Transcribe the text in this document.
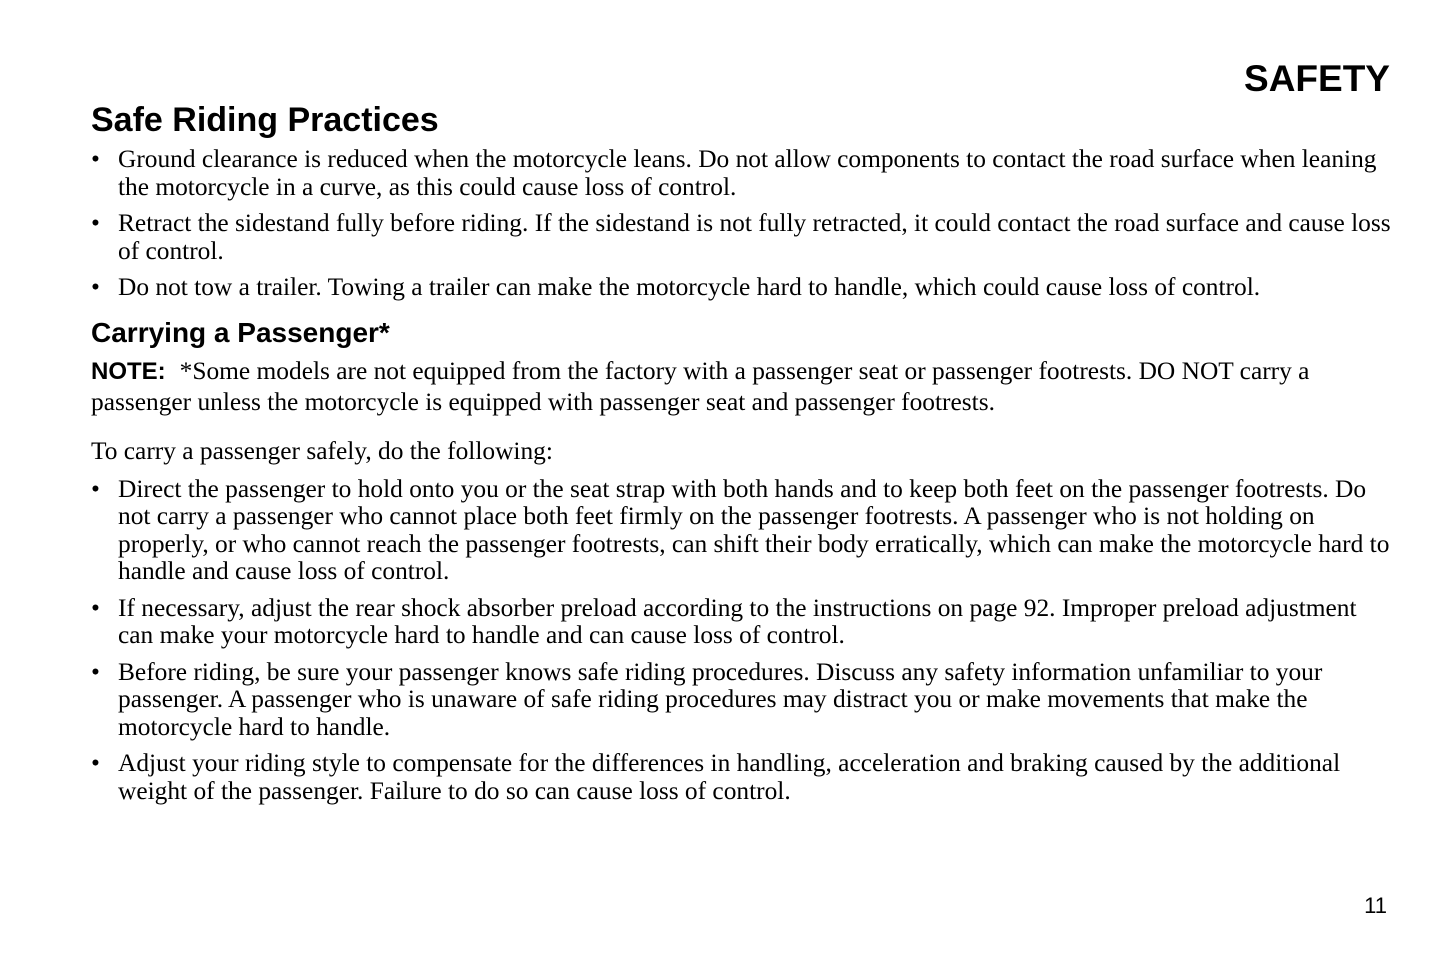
SAFETY
Safe Riding Practices
• Ground clearance is reduced when the motorcycle leans. Do not allow components to contact the road surface when leaning the motorcycle in a curve, as this could cause loss of control.
• Retract the sidestand fully before riding. If the sidestand is not fully retracted, it could contact the road surface and cause loss of control.
• Do not tow a trailer. Towing a trailer can make the motorcycle hard to handle, which could cause loss of control.
Carrying a Passenger*

NOTE: *Some models are not equipped from the factory with a passenger seat or passenger footrests. DO NOT carry a passenger unless the motorcycle is equipped with passenger seat and passenger footrests.

To carry a passenger safely, do the following:

• Direct the passenger to hold onto you or the seat strap with both hands and to keep both feet on the passenger footrests. Do not carry a passenger who cannot place both feet firmly on the passenger footrests. A passenger who is not holding on properly, or who cannot reach the passenger footrests, can shift their body erratically, which can make the motorcycle hard to handle and cause loss of control.
• If necessary, adjust the rear shock absorber preload according to the instructions on page 92. Improper preload adjustment can make your motorcycle hard to handle and can cause loss of control.
• Before riding, be sure your passenger knows safe riding procedures. Discuss any safety information unfamiliar to your passenger. A passenger who is unaware of safe riding procedures may distract you or make movements that make the motorcycle hard to handle.
• Adjust your riding style to compensate for the differences in handling, acceleration and braking caused by the additional weight of the passenger. Failure to do so can cause loss of control.
11
